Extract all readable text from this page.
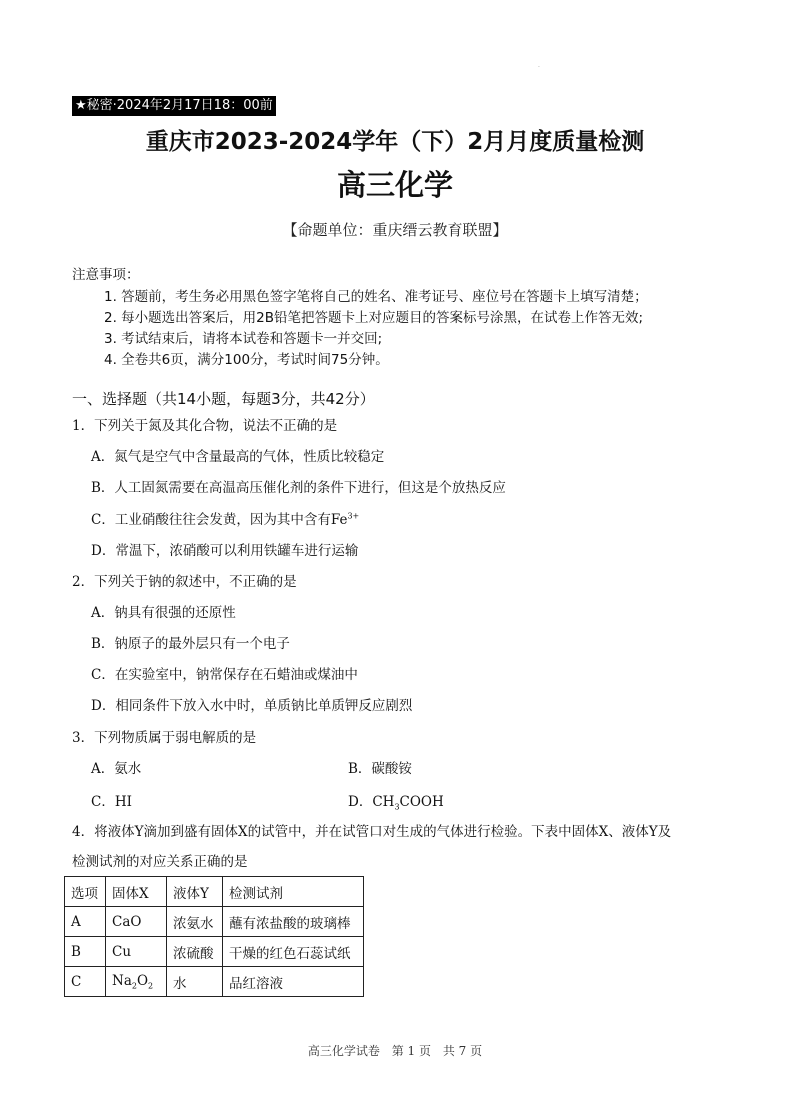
·
★秘密·2024年2月17日18：00前
重庆市2023-2024学年（下）2月月度质量检测
高三化学
【命题单位：重庆缙云教育联盟】
注意事项：
1. 答题前，考生务必用黑色签字笔将自己的姓名、准考证号、座位号在答题卡上填写清楚；
2. 每小题选出答案后，用2B铅笔把答题卡上对应题目的答案标号涂黑，在试卷上作答无效;
3. 考试结束后，请将本试卷和答题卡一并交回;
4. 全卷共6页，满分100分，考试时间75分钟。
一、选择题（共14小题，每题3分，共42分）
1．下列关于氮及其化合物，说法不正确的是
A．氮气是空气中含量最高的气体，性质比较稳定
B．人工固氮需要在高温高压催化剂的条件下进行，但这是个放热反应
C．工业硝酸往往会发黄，因为其中含有$Fe^{3+}$
D．常温下，浓硝酸可以利用铁罐车进行运输
2．下列关于钠的叙述中，不正确的是
A．钠具有很强的还原性
B．钠原子的最外层只有一个电子
C．在实验室中，钠常保存在石蜡油或煤油中
D．相同条件下放入水中时，单质钠比单质钾反应剧烈
3．下列物质属于弱电解质的是
A．氨水	B．碳酸铵
C．HI	D．$CH_3COOH$
4．将液体Y滴加到盛有固体X的试管中，并在试管口对生成的气体进行检验。下表中固体X、液体Y及
检测试剂的对应关系正确的是
选项	固体X	液体Y	检测试剂
A	CaO	浓氨水	蘸有浓盐酸的玻璃棒
B	Cu	浓硫酸	干燥的红色石蕊试纸
C	$Na_2O_2$	水	品红溶液
高三化学试卷 第 1 页 共 7 页
